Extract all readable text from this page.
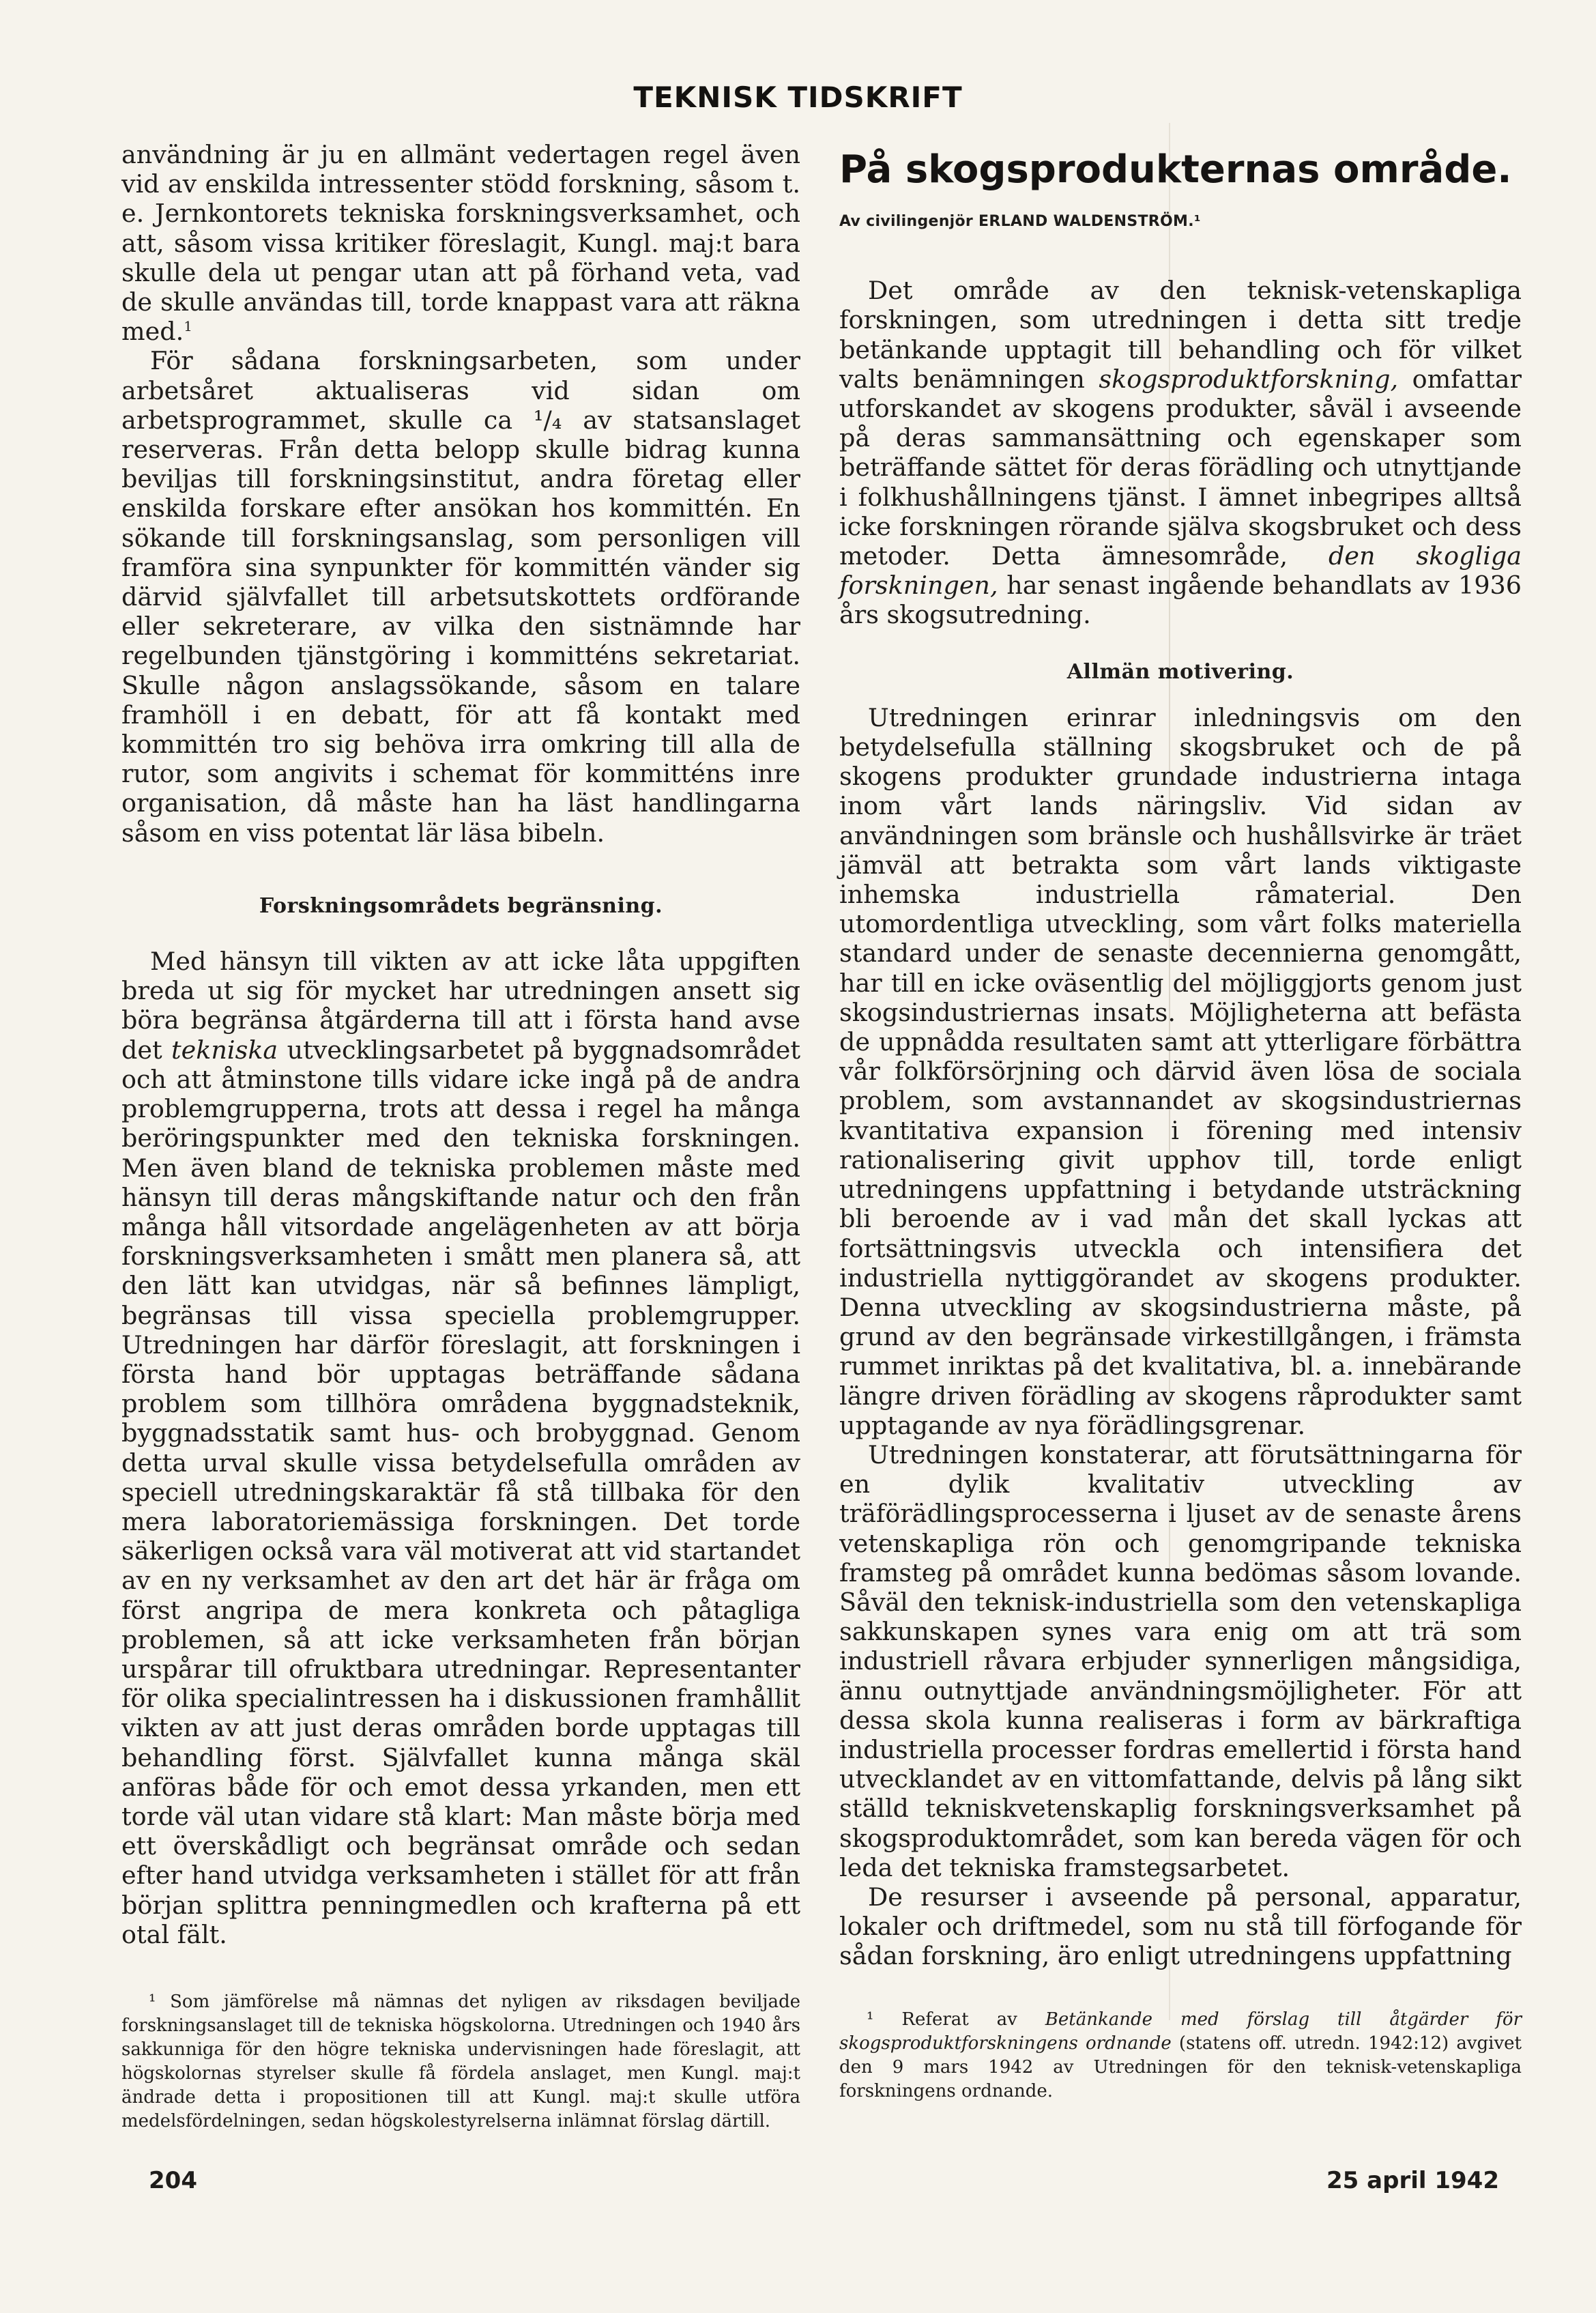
TEKNISK TIDSKRIFT

användning är ju en allmänt vedertagen regel även vid av enskilda intressenter stödd forskning, såsom t. e. Jernkontorets tekniska forskningsverksamhet, och att, såsom vissa kritiker föreslagit, Kungl. maj:t bara skulle dela ut pengar utan att på förhand veta, vad de skulle användas till, torde knappast vara att räkna med.$^1$

För sådana forskningsarbeten, som under arbetsåret aktualiseras vid sidan om arbetsprogrammet, skulle ca ¹/₄ av statsanslaget reserveras. Från detta belopp skulle bidrag kunna beviljas till forskningsinstitut, andra företag eller enskilda forskare efter ansökan hos kommittén. En sökande till forskningsanslag, som personligen vill framföra sina synpunkter för kommittén vänder sig därvid självfallet till arbetsutskottets ordförande eller sekreterare, av vilka den sistnämnde har regelbunden tjänstgöring i kommitténs sekretariat. Skulle någon anslagssökande, såsom en talare framhöll i en debatt, för att få kontakt med kommittén tro sig behöva irra omkring till alla de rutor, som angivits i schemat för kommitténs inre organisation, då måste han ha läst handlingarna såsom en viss potentat lär läsa bibeln.

Forskningsområdets begränsning.

Med hänsyn till vikten av att icke låta uppgiften breda ut sig för mycket har utredningen ansett sig böra begränsa åtgärderna till att i första hand avse det tekniska utvecklingsarbetet på byggnadsområdet och att åtminstone tills vidare icke ingå på de andra problemgrupperna, trots att dessa i regel ha många beröringspunkter med den tekniska forskningen. Men även bland de tekniska problemen måste med hänsyn till deras mångskiftande natur och den från många håll vitsordade angelägenheten av att börja forskningsverksamheten i smått men planera så, att den lätt kan utvidgas, när så befinnes lämpligt, begränsas till vissa speciella problemgrupper. Utredningen har därför föreslagit, att forskningen i första hand bör upptagas beträffande sådana problem som tillhöra områdena byggnadsteknik, byggnadsstatik samt hus- och brobyggnad. Genom detta urval skulle vissa betydelsefulla områden av speciell utredningskaraktär få stå tillbaka för den mera laboratoriemässiga forskningen. Det torde säkerligen också vara väl motiverat att vid startandet av en ny verksamhet av den art det här är fråga om först angripa de mera konkreta och påtagliga problemen, så att icke verksamheten från början urspårar till ofruktbara utredningar. Representanter för olika specialintressen ha i diskussionen framhållit vikten av att just deras områden borde upptagas till behandling först. Självfallet kunna många skäl anföras både för och emot dessa yrkanden, men ett torde väl utan vidare stå klart: Man måste börja med ett överskådligt och begränsat område och sedan efter hand utvidga verksamheten i stället för att från början splittra penningmedlen och krafterna på ett otal fält.

¹ Som jämförelse må nämnas det nyligen av riksdagen beviljade forskningsanslaget till de tekniska högskolorna. Utredningen och 1940 års sakkunniga för den högre tekniska undervisningen hade föreslagit, att högskolornas styrelser skulle få fördela anslaget, men Kungl. maj:t ändrade detta i propositionen till att Kungl. maj:t skulle utföra medelsfördelningen, sedan högskolestyrelserna inlämnat förslag därtill.
På skogsprodukternas område.
Av civilingenjör ERLAND WALDENSTRÖM.¹

Det område av den teknisk-vetenskapliga forskningen, som utredningen i detta sitt tredje betänkande upptagit till behandling och för vilket valts benämningen skogsproduktforskning, omfattar utforskandet av skogens produkter, såväl i avseende på deras sammansättning och egenskaper som beträffande sättet för deras förädling och utnyttjande i folkhushållningens tjänst. I ämnet inbegripes alltså icke forskningen rörande själva skogsbruket och dess metoder. Detta ämnesområde, den skogliga forskningen, har senast ingående behandlats av 1936 års skogsutredning.

Allmän motivering.

Utredningen erinrar inledningsvis om den betydelsefulla ställning skogsbruket och de på skogens produkter grundade industrierna intaga inom vårt lands näringsliv. Vid sidan av användningen som bränsle och hushållsvirke är träet jämväl att betrakta som vårt lands viktigaste inhemska industriella råmaterial. Den utomordentliga utveckling, som vårt folks materiella standard under de senaste decennierna genomgått, har till en icke oväsentlig del möjliggjorts genom just skogsindustriernas insats. Möjligheterna att befästa de uppnådda resultaten samt att ytterligare förbättra vår folkförsörjning och därvid även lösa de sociala problem, som avstannandet av skogsindustriernas kvantitativa expansion i förening med intensiv rationalisering givit upphov till, torde enligt utredningens uppfattning i betydande utsträckning bli beroende av i vad mån det skall lyckas att fortsättningsvis utveckla och intensifiera det industriella nyttiggörandet av skogens produkter. Denna utveckling av skogsindustrierna måste, på grund av den begränsade virkestillgången, i främsta rummet inriktas på det kvalitativa, bl. a. innebärande längre driven förädling av skogens råprodukter samt upptagande av nya förädlingsgrenar.

Utredningen konstaterar, att förutsättningarna för en dylik kvalitativ utveckling av träförädlingsprocesserna i ljuset av de senaste årens vetenskapliga rön och genomgripande tekniska framsteg på området kunna bedömas såsom lovande. Såväl den teknisk-industriella som den vetenskapliga sakkunskapen synes vara enig om att trä som industriell råvara erbjuder synnerligen mångsidiga, ännu outnyttjade användningsmöjligheter. För att dessa skola kunna realiseras i form av bärkraftiga industriella processer fordras emellertid i första hand utvecklandet av en vittomfattande, delvis på lång sikt ställd tekniskvetenskaplig forskningsverksamhet på skogsproduktområdet, som kan bereda vägen för och leda det tekniska framstegsarbetet.

De resurser i avseende på personal, apparatur, lokaler och driftmedel, som nu stå till förfogande för sådan forskning, äro enligt utredningens uppfattning

¹ Referat av Betänkande med förslag till åtgärder för skogsproduktforskningens ordnande (statens off. utredn. 1942:12) avgivet den 9 mars 1942 av Utredningen för den teknisk-vetenskapliga forskningens ordnande.
204	25 april 1942
